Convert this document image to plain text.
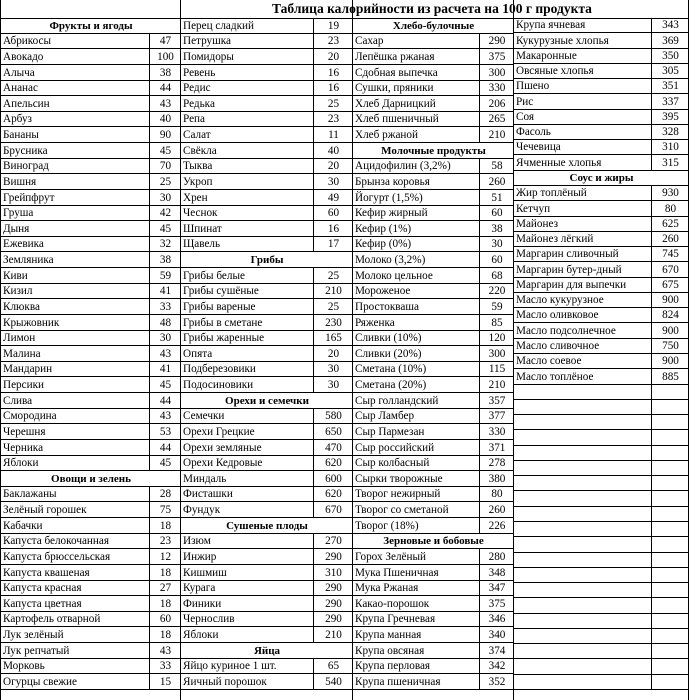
Таблица калорийности из расчета на 100 г продукта
Фрукты и ягоды
Абрикосы	47
Авокадо	100
Алыча	38
Ананас	44
Апельсин	43
Арбуз	40
Бананы	90
Брусника	45
Виноград	70
Вишня	25
Грейпфрут	30
Груша	42
Дыня	45
Ежевика	32
Земляника	38
Киви	59
Кизил	41
Клюква	33
Крыжовник	48
Лимон	30
Малина	43
Мандарин	41
Персики	45
Слива	44
Смородина	43
Черешня	53
Черника	44
Яблоки	45
Овощи и зелень
Баклажаны	28
Зелёный горошек	75
Кабачки	18
Капуста белокочанная	23
Капуста брюссельская	12
Капуста квашеная	18
Капуста красная	27
Капуста цветная	18
Картофель отварной	60
Лук зелёный	18
Лук репчатый	43
Морковь	33
Огурцы свежие	15
Перец сладкий	19
Петрушка	23
Помидоры	20
Ревень	16
Редис	16
Редька	25
Репа	23
Салат	11
Свёкла	40
Тыква	20
Укроп	30
Хрен	49
Чеснок	60
Шпинат	16
Щавель	17
Грибы
Грибы белые	25
Грибы сушёные	210
Грибы вареные	25
Грибы в сметане	230
Грибы жаренные	165
Опята	20
Подберезовики	30
Подосиновики	30
Орехи и семечки
Семечки	580
Орехи Грецкие	650
Орехи земляные	470
Орехи Кедровые	620
Миндаль	600
Фисташки	620
Фундук	670
Сушеные плоды
Изюм	270
Инжир	290
Кишмиш	310
Курага	290
Финики	290
Чернослив	290
Яблоки	210
Яйца
Яйцо куриное 1 шт.	65
Яичный порошок	540
Хлебо-булочные
Сахар	290
Лепёшка ржаная	375
Сдобная выпечка	300
Сушки, пряники	330
Хлеб Дарницкий	206
Хлеб пшеничный	265
Хлеб ржаной	210
Молочные продукты
Ацидофилин (3,2%)	58
Брынза коровья	260
Йогурт (1,5%)	51
Кефир жирный	60
Кефир (1%)	38
Кефир (0%)	30
Молоко (3,2%)	60
Молоко цельное	68
Мороженое	220
Простокваша	59
Ряженка	85
Сливки (10%)	120
Сливки (20%)	300
Сметана (10%)	115
Сметана (20%)	210
Сыр голландский	357
Сыр Ламбер	377
Сыр Пармезан	330
Сыр российский	371
Сыр колбасный	278
Сырки творожные	380
Творог нежирный	80
Творог со сметаной	260
Творог (18%)	226
Зерновые и бобовые
Горох Зелёный	280
Мука Пшеничная	348
Мука Ржаная	347
Какао-порошок	375
Крупа Гречневая	346
Крупа манная	340
Крупа овсяная	374
Крупа перловая	342
Крупа пшеничная	352
Крупа ячневая	343
Кукурузные хлопья	369
Макаронные	350
Овсяные хлопья	305
Пшено	351
Рис	337
Соя	395
Фасоль	328
Чечевица	310
Ячменные хлопья	315
Соус и жиры
Жир топлёный	930
Кетчуп	80
Майонез	625
Майонез лёгкий	260
Маргарин сливочный	745
Маргарин бутер-дный	670
Маргарин для выпечки	675
Масло кукурузное	900
Масло оливковое	824
Масло подсолнечное	900
Масло сливочное	750
Масло соевое	900
Масло топлёное	885
